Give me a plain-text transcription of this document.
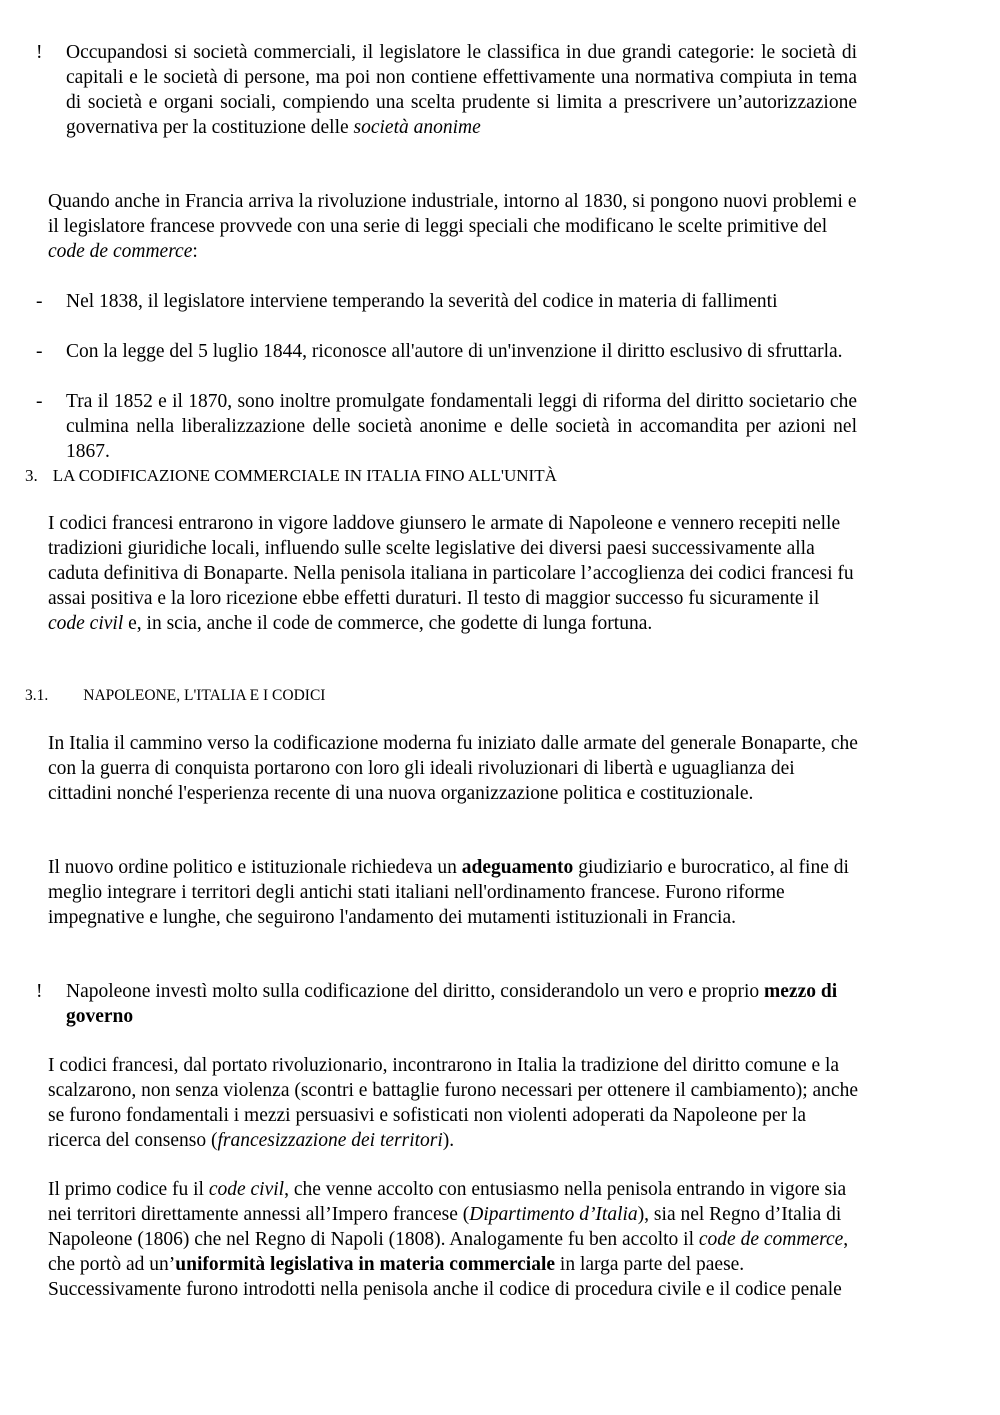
! Occupandosi si società commerciali, il legislatore le classifica in due grandi categorie: le società di capitali e le società di persone, ma poi non contiene effettivamente una normativa compiuta in tema di società e organi sociali, compiendo una scelta prudente si limita a prescrivere un’autorizzazione governativa per la costituzione delle società anonime
Quando anche in Francia arriva la rivoluzione industriale, intorno al 1830, si pongono nuovi problemi e il legislatore francese provvede con una serie di leggi speciali che modificano le scelte primitive del code de commerce:
- Nel 1838, il legislatore interviene temperando la severità del codice in materia di fallimenti
- Con la legge del 5 luglio 1844, riconosce all'autore di un'invenzione il diritto esclusivo di sfruttarla.
- Tra il 1852 e il 1870, sono inoltre promulgate fondamentali leggi di riforma del diritto societario che culmina nella liberalizzazione delle società anonime e delle società in accomandita per azioni nel 1867.
3. LA CODIFICAZIONE COMMERCIALE IN ITALIA FINO ALL'UNITÀ
I codici francesi entrarono in vigore laddove giunsero le armate di Napoleone e vennero recepiti nelle tradizioni giuridiche locali, influendo sulle scelte legislative dei diversi paesi successivamente alla caduta definitiva di Bonaparte. Nella penisola italiana in particolare l’accoglienza dei codici francesi fu assai positiva e la loro ricezione ebbe effetti duraturi. Il testo di maggior successo fu sicuramente il code civil e, in scia, anche il code de commerce, che godette di lunga fortuna.
3.1. NAPOLEONE, L'ITALIA E I CODICI
In Italia il cammino verso la codificazione moderna fu iniziato dalle armate del generale Bonaparte, che con la guerra di conquista portarono con loro gli ideali rivoluzionari di libertà e uguaglianza dei cittadini nonché l'esperienza recente di una nuova organizzazione politica e costituzionale.
Il nuovo ordine politico e istituzionale richiedeva un adeguamento giudiziario e burocratico, al fine di meglio integrare i territori degli antichi stati italiani nell'ordinamento francese. Furono riforme impegnative e lunghe, che seguirono l'andamento dei mutamenti istituzionali in Francia.
! Napoleone investì molto sulla codificazione del diritto, considerandolo un vero e proprio mezzo di governo
I codici francesi, dal portato rivoluzionario, incontrarono in Italia la tradizione del diritto comune e la scalzarono, non senza violenza (scontri e battaglie furono necessari per ottenere il cambiamento); anche se furono fondamentali i mezzi persuasivi e sofisticati non violenti adoperati da Napoleone per la ricerca del consenso (francesizzazione dei territori).
Il primo codice fu il code civil, che venne accolto con entusiasmo nella penisola entrando in vigore sia nei territori direttamente annessi all’Impero francese (Dipartimento d’Italia), sia nel Regno d’Italia di Napoleone (1806) che nel Regno di Napoli (1808). Analogamente fu ben accolto il code de commerce, che portò ad un’uniformità legislativa in materia commerciale in larga parte del paese. Successivamente furono introdotti nella penisola anche il codice di procedura civile e il codice penale
